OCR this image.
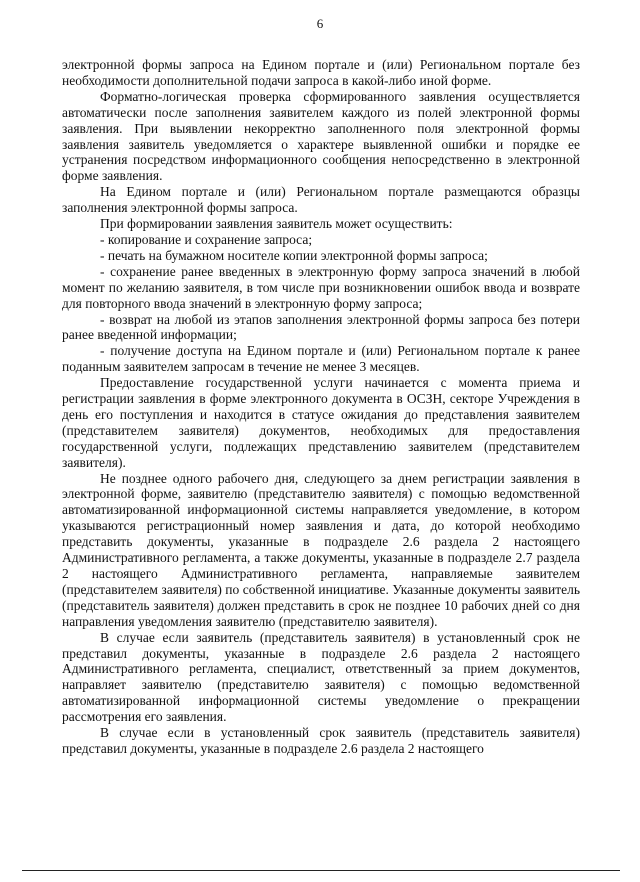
6

электронной формы запроса на Едином портале и (или) Региональном портале без необходимости дополнительной подачи запроса в какой-либо иной форме.

Форматно-логическая проверка сформированного заявления осуществляется автоматически после заполнения заявителем каждого из полей электронной формы заявления. При выявлении некорректно заполненного поля электронной формы заявления заявитель уведомляется о характере выявленной ошибки и порядке ее устранения посредством информационного сообщения непосредственно в электронной форме заявления.

На Едином портале и (или) Региональном портале размещаются образцы заполнения электронной формы запроса.

При формировании заявления заявитель может осуществить:

- копирование и сохранение запроса;

- печать на бумажном носителе копии электронной формы запроса;

- сохранение ранее введенных в электронную форму запроса значений в любой момент по желанию заявителя, в том числе при возникновении ошибок ввода и возврате для повторного ввода значений в электронную форму запроса;

- возврат на любой из этапов заполнения электронной формы запроса без потери ранее введенной информации;

- получение доступа на Едином портале и (или) Региональном портале к ранее поданным заявителем запросам в течение не менее 3 месяцев.

Предоставление государственной услуги начинается с момента приема и регистрации заявления в форме электронного документа в ОСЗН, секторе Учреждения в день его поступления и находится в статусе ожидания до представления заявителем (представителем заявителя) документов, необходимых для предоставления государственной услуги, подлежащих представлению заявителем (представителем заявителя).

Не позднее одного рабочего дня, следующего за днем регистрации заявления в электронной форме, заявителю (представителю заявителя) с помощью ведомственной автоматизированной информационной системы направляется уведомление, в котором указываются регистрационный номер заявления и дата, до которой необходимо представить документы, указанные в подразделе 2.6 раздела 2 настоящего Административного регламента, а также документы, указанные в подразделе 2.7 раздела 2 настоящего Административного регламента, направляемые заявителем (представителем заявителя) по собственной инициативе. Указанные документы заявитель (представитель заявителя) должен представить в срок не позднее 10 рабочих дней со дня направления уведомления заявителю (представителю заявителя).

В случае если заявитель (представитель заявителя) в установленный срок не представил документы, указанные в подразделе 2.6 раздела 2 настоящего Административного регламента, специалист, ответственный за прием документов, направляет заявителю (представителю заявителя) с помощью ведомственной автоматизированной информационной системы уведомление о прекращении рассмотрения его заявления.

В случае если в установленный срок заявитель (представитель заявителя) представил документы, указанные в подразделе 2.6 раздела 2 настоящего
